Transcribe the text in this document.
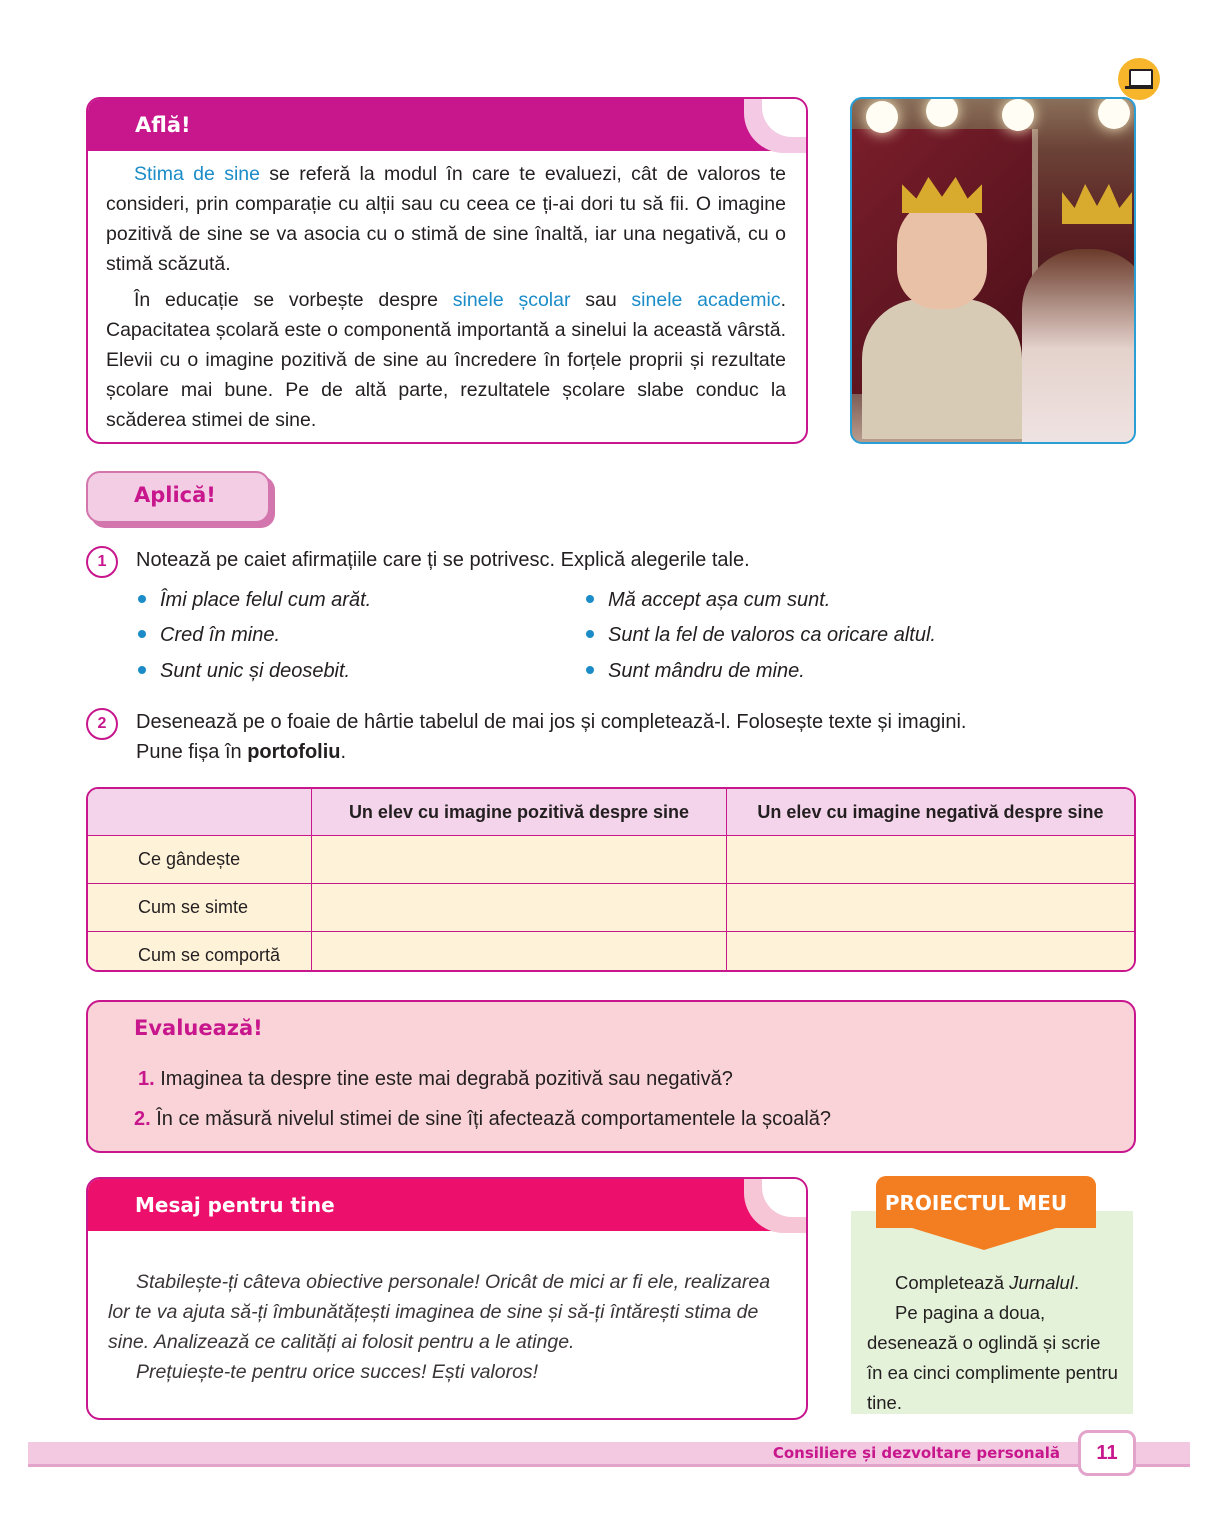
Află!

Stima de sine se referă la modul în care te evaluezi, cât de valoros te consideri, prin comparație cu alții sau cu ceea ce ți-ai dori tu să fii. O imagine pozitivă de sine se va asocia cu o stimă de sine înaltă, iar una negativă, cu o stimă scăzută.

În educație se vorbește despre sinele școlar sau sinele academic. Capacitatea școlară este o componentă importantă a sinelui la această vârstă. Elevii cu o imagine pozitivă de sine au încredere în forțele proprii și rezultate școlare mai bune. Pe de altă parte, rezultatele școlare slabe conduc la scăderea stimei de sine.

Aplică!
1	Notează pe caiet afirmațiile care ți se potrivesc. Explică alegerile tale.
Îmi place felul cum arăt.
Cred în mine.
Sunt unic și deosebit.
Mă accept așa cum sunt.
Sunt la fel de valoros ca oricare altul.
Sunt mândru de mine.
2	Desenează pe o foaie de hârtie tabelul de mai jos și completează-l. Folosește texte și imagini.
Pune fișa în portofoliu.
	Un elev cu imagine pozitivă despre sine	Un elev cu imagine negativă despre sine
Ce gândește		
Cum se simte		
Cum se comportă		
Evaluează!
1. Imaginea ta despre tine este mai degrabă pozitivă sau negativă?
2. În ce măsură nivelul stimei de sine îți afectează comportamentele la școală?
Mesaj pentru tine

Stabilește-ți câteva obiective personale! Oricât de mici ar fi ele, realizarea lor te va ajuta să-ți îmbunătățești imaginea de sine și să-ți întărești stima de sine. Analizează ce calități ai folosit pentru a le atinge.

Prețuiește-te pentru orice succes! Ești valoros!

PROIECTUL MEU

Completează Jurnalul.

Pe pagina a doua, desenează o oglindă și scrie în ea cinci complimente pentru tine.

Consiliere și dezvoltare personală	11
